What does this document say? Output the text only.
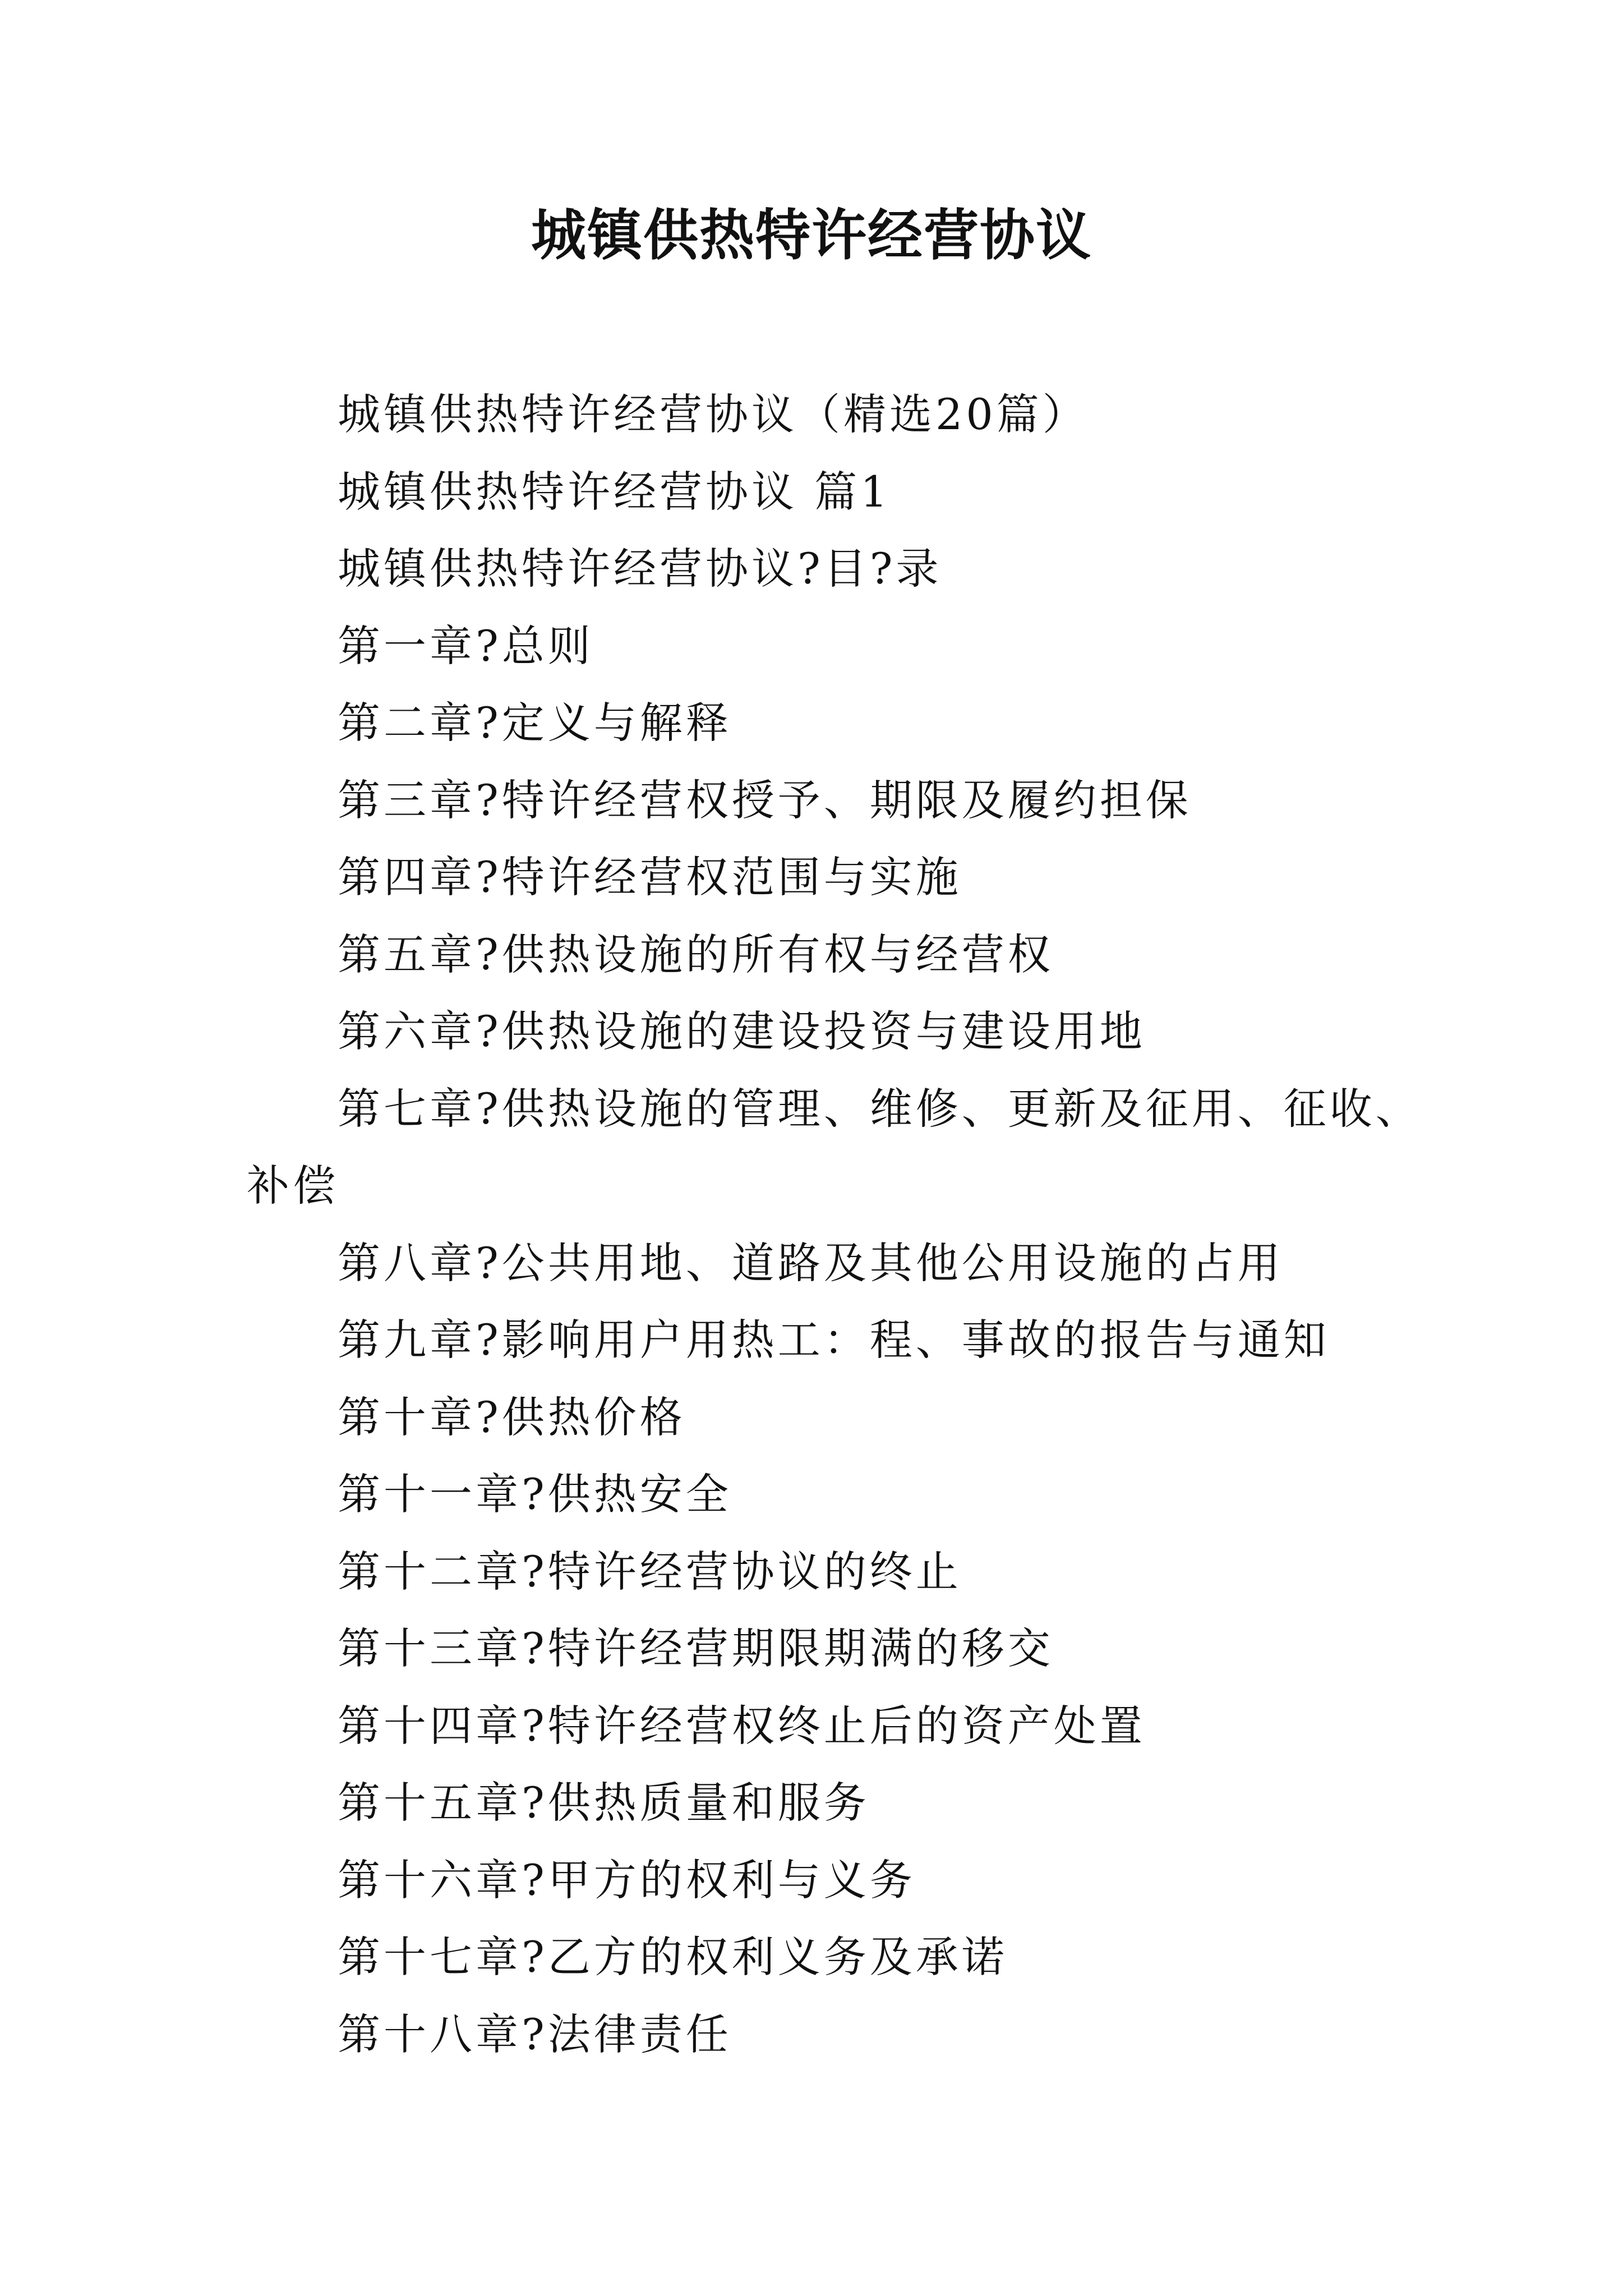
城镇供热特许经营协议
城镇供热特许经营协议（精选20篇）
城镇供热特许经营协议 篇1
城镇供热特许经营协议?目?录
第一章?总则
第二章?定义与解释
第三章?特许经营权授予、期限及履约担保
第四章?特许经营权范围与实施
第五章?供热设施的所有权与经营权
第六章?供热设施的建设投资与建设用地
第七章?供热设施的管理、维修、更新及征用、征收、
补偿
第八章?公共用地、道路及其他公用设施的占用
第九章?影响用户用热工：程、事故的报告与通知
第十章?供热价格
第十一章?供热安全
第十二章?特许经营协议的终止
第十三章?特许经营期限期满的移交
第十四章?特许经营权终止后的资产处置
第十五章?供热质量和服务
第十六章?甲方的权利与义务
第十七章?乙方的权利义务及承诺
第十八章?法律责任
